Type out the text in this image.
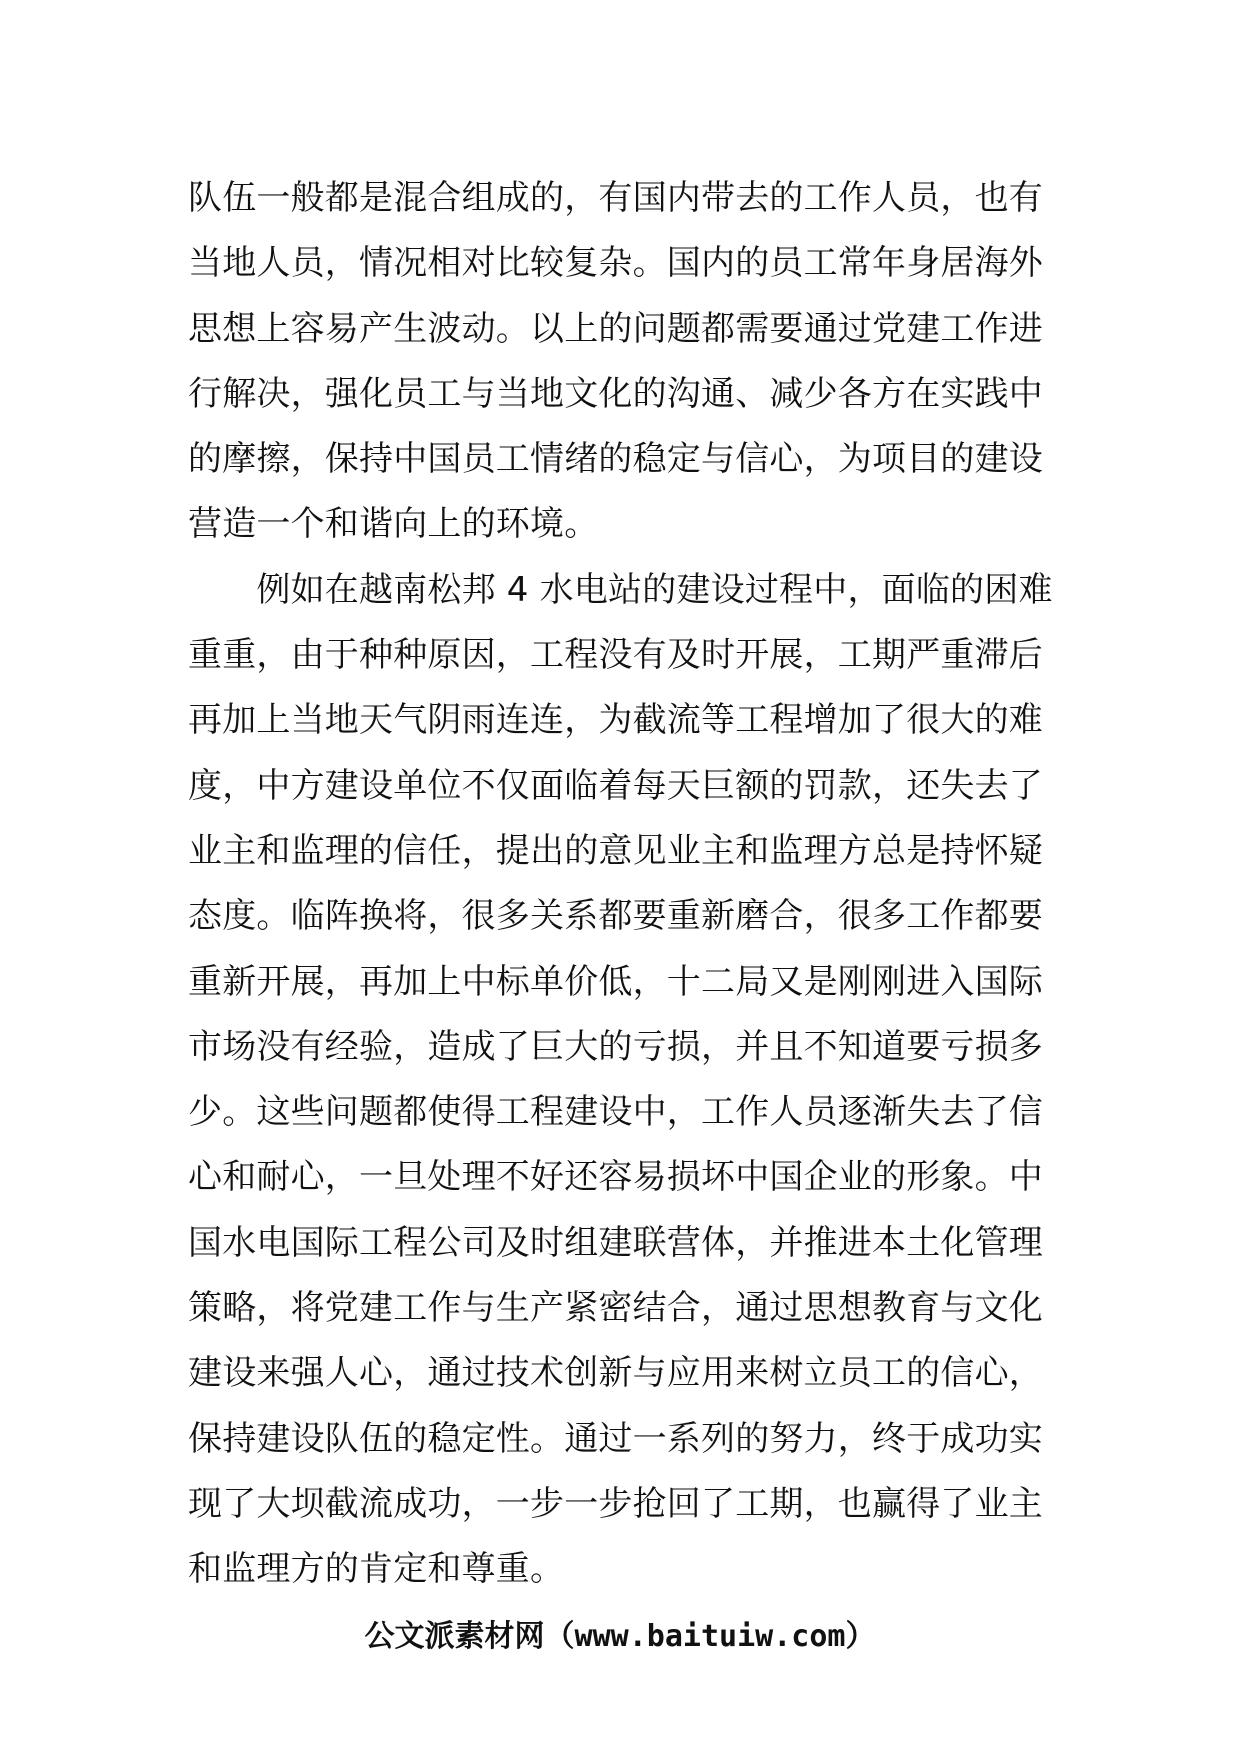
队伍一般都是混合组成的，有国内带去的工作人员，也有
当地人员，情况相对比较复杂。国内的员工常年身居海外
思想上容易产生波动。以上的问题都需要通过党建工作进
行解决，强化员工与当地文化的沟通、减少各方在实践中
的摩擦，保持中国员工情绪的稳定与信心，为项目的建设
营造一个和谐向上的环境。
　　例如在越南松邦 4 水电站的建设过程中，面临的困难
重重，由于种种原因，工程没有及时开展，工期严重滞后
再加上当地天气阴雨连连，为截流等工程增加了很大的难
度，中方建设单位不仅面临着每天巨额的罚款，还失去了
业主和监理的信任，提出的意见业主和监理方总是持怀疑
态度。临阵换将，很多关系都要重新磨合，很多工作都要
重新开展，再加上中标单价低，十二局又是刚刚进入国际
市场没有经验，造成了巨大的亏损，并且不知道要亏损多
少。这些问题都使得工程建设中，工作人员逐渐失去了信
心和耐心，一旦处理不好还容易损坏中国企业的形象。中
国水电国际工程公司及时组建联营体，并推进本土化管理
策略，将党建工作与生产紧密结合，通过思想教育与文化
建设来强人心，通过技术创新与应用来树立员工的信心，
保持建设队伍的稳定性。通过一系列的努力，终于成功实
现了大坝截流成功，一步一步抢回了工期，也赢得了业主
和监理方的肯定和尊重。
公文派素材网（www.baituiw.com）
